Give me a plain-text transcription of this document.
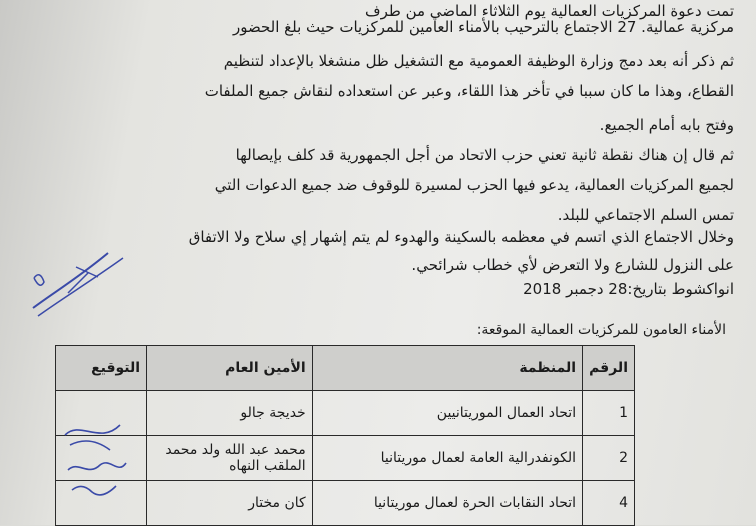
تمت دعوة المركزيات العمالية يوم الثلاثاء الماضي من طرف
مركزية عمالية. 27 الاجتماع بالترحيب بالأمناء العامين للمركزيات حيث بلغ الحضور
ثم ذكر أنه بعد دمج وزارة الوظيفة العمومية مع التشغيل ظل منشغلا بالإعداد لتنظيم
القطاع، وهذا ما كان سببا في تأخر هذا اللقاء، وعبر عن استعداده لنقاش جميع الملفات
وفتح بابه أمام الجميع.
ثم قال إن هناك نقطة ثانية تعني حزب الاتحاد من أجل الجمهورية قد كلف بإيصالها
لجميع المركزيات العمالية، يدعو فيها الحزب لمسيرة للوقوف ضد جميع الدعوات التي
تمس السلم الاجتماعي للبلد.
وخلال الاجتماع الذي اتسم في معظمه بالسكينة والهدوء لم يتم إشهار إي سلاح ولا الاتفاق
على النزول للشارع ولا التعرض لأي خطاب شرائحي.
انواكشوط بتاريخ:28 دجمبر 2018
الأمناء العامون للمركزيات العمالية الموقعة:
الرقم	المنظمة	الأمين العام	التوقيع
1	اتحاد العمال الموريتانيين	خديجة جالو	
2	الكونفدرالية العامة لعمال موريتانيا	محمد عبد الله ولد محمد الملقب النهاه	
4	اتحاد النقابات الحرة لعمال موريتانيا	كان مختار	
